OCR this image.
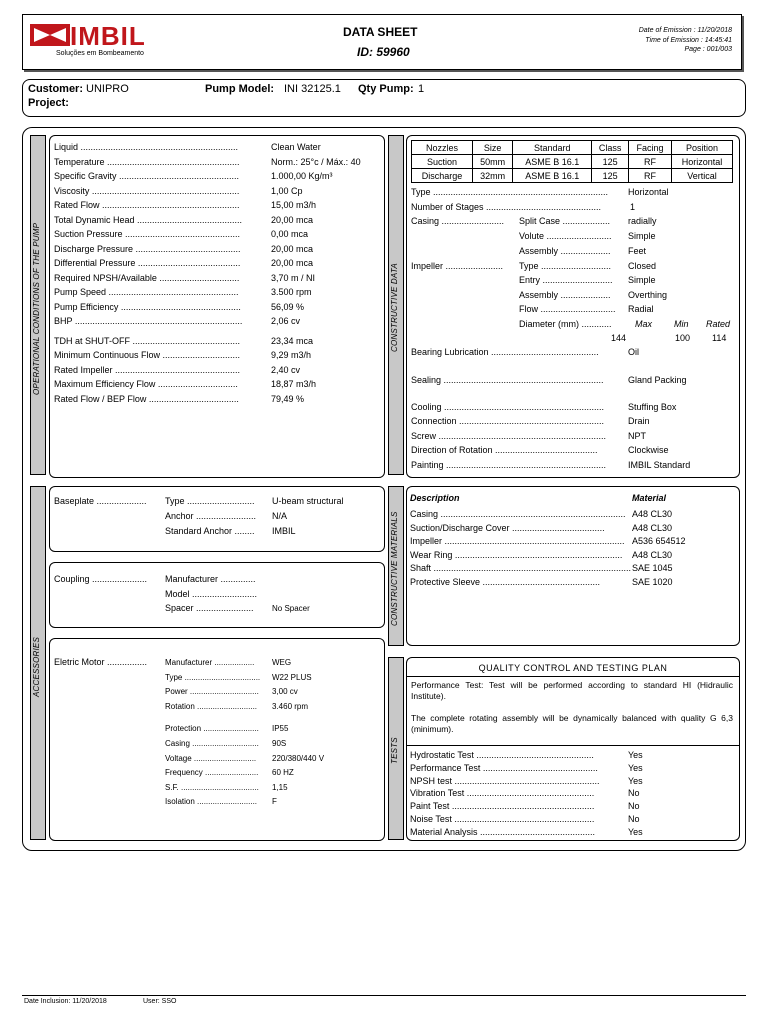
IMBIL
Soluções em Bombeamento
DATA SHEET
ID: 59960
Date of Emission : 11/20/2018
Time of Emission : 14:45:41
Page : 001/003
Customer: UNIPRO	Pump Model: INI 32125.1 Qty Pump: 1
Project:
OPERATIONAL CONDITIONS OF THE PUMP	CONSTRUCTIVE DATA
ACCESSORIES
CONSTRUCTIVE MATERIALS
TESTS
Liquid ...............................................................	Clean Water
Temperature .....................................................	Norm.: 25°c / Máx.: 40
Specific Gravity ................................................	1.000,00 Kg/m³
Viscosity ...........................................................	1,00 Cp
Rated Flow .......................................................	15,00 m3/h
Total Dynamic Head ..........................................	20,00 mca
Suction Pressure ..............................................	0,00 mca
Discharge Pressure ..........................................	20,00 mca
Differential Pressure .........................................	20,00 mca
Required NPSH/Available ................................	3,70 m / NI
Pump Speed ....................................................	3.500 rpm
Pump Efficiency ................................................	56,09 %
BHP ...................................................................	2,06 cv
TDH at SHUT-OFF ...........................................	23,34 mca
Minimum Continuous Flow ...............................	9,29 m3/h
Rated Impeller ..................................................	2,40 cv
Maximum Efficiency Flow ................................	18,87 m3/h
Rated Flow / BEP Flow ....................................	79,49 %
Nozzles	Size	Standard	Class	Facing	Position
Suction	50mm	ASME B 16.1	125	RF	Horizontal
Discharge	32mm	ASME B 16.1	125	RF	Vertical
Type ...................................................................... Horizontal
Number of Stages ..............................................	1
Casing ......................... Split Case ................... radially
Volute .......................... Simple
Assembly .................... Feet
Impeller ....................... Type ............................ Closed
Entry ............................ Simple
Assembly .................... Overthing
Flow .............................. Radial
Diameter (mm) ............	Max Min Rated
144	100 114
Bearing Lubrication ...........................................	Oil
Sealing ................................................................	Gland Packing
Cooling ................................................................	Stuffing Box
Connection ..........................................................	Drain
Screw ................................................................... NPT
Direction of Rotation .........................................	Clockwise
Painting ................................................................ IMBIL Standard
Baseplate .................... Type ........................... U-beam structural
Anchor ........................ N/A
Standard Anchor ........ IMBIL
Coupling ...................... Manufacturer ..............
Model ..........................
Spacer ....................... No Spacer
Eletric Motor ................ Manufacturer .................. WEG
Type .................................. W22 PLUS
Power ............................... 3,00 cv
Rotation ........................... 3.460 rpm
Protection ......................... IP55
Casing .............................. 90S
Voltage ............................ 220/380/440 V
Frequency ........................ 60 HZ
S.F. ................................... 1,15
Isolation ........................... F
Description	Material
Casing .......................................................................... A48 CL30
Suction/Discharge Cover .....................................	A48 CL30
Impeller ........................................................................ A536 654512
Wear Ring ................................................................... A48 CL30
Shaft ............................................................................... SAE 1045
Protective Sleeve ...............................................	SAE 1020
QUALITY CONTROL AND TESTING PLAN
Performance Test: Test will be performed according to standard HI (Hidraulic Institute).
The complete rotating assembly will be dynamically balanced with quality G 6,3 (minimum).
Hydrostatic Test ...............................................	Yes
Performance Test ..............................................	Yes
NPSH test ..........................................................	Yes
Vibration Test ...................................................	No
Paint Test .........................................................	No
Noise Test ........................................................	No
Material Analysis ..............................................	Yes
Date Inclusion: 11/20/2018	User: SSO
